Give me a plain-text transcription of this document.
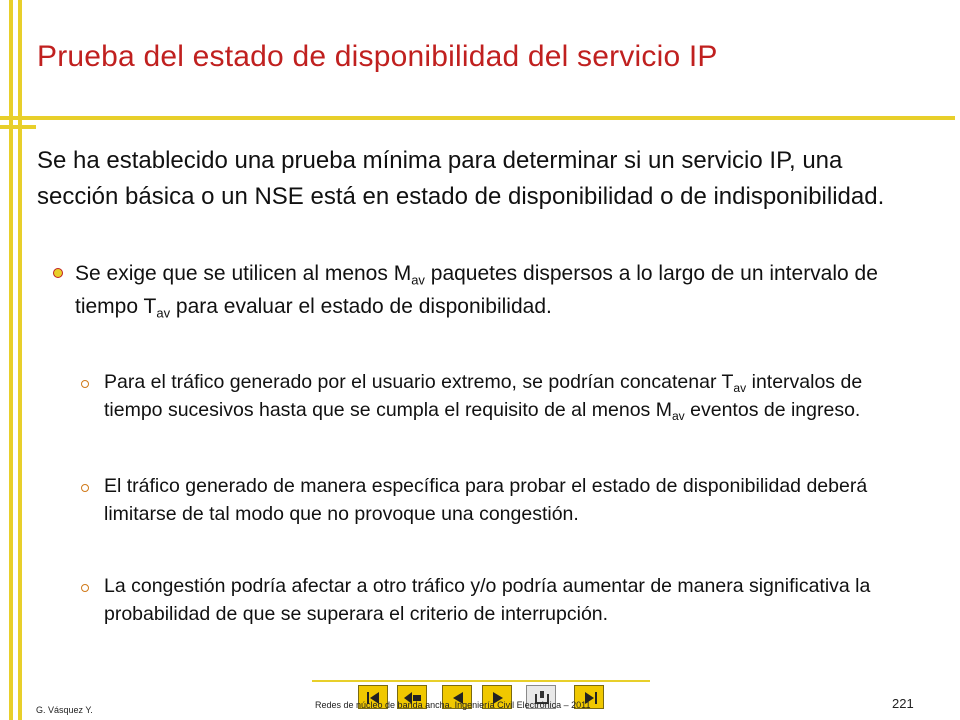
Prueba del estado de disponibilidad del servicio IP
Se ha establecido una prueba mínima para determinar si un servicio IP, una sección básica o un NSE está en estado de disponibilidad o de indisponibilidad.
Se exige que se utilicen al menos $M_{av}$ paquetes dispersos a lo largo de un intervalo de tiempo $T_{av}$ para evaluar el estado de disponibilidad.
Para el tráfico generado por el usuario extremo, se podrían concatenar $T_{av}$ intervalos de tiempo sucesivos hasta que se cumpla el requisito de al menos $M_{av}$ eventos de ingreso.
El tráfico generado de manera específica para probar el estado de disponibilidad deberá limitarse de tal modo que no provoque una congestión.
La congestión podría afectar a otro tráfico y/o podría aumentar de manera significativa la probabilidad de que se superara el criterio de interrupción.
G. Vásquez Y.	Redes de núcleo de banda ancha. Ingeniería Civil Electrónica – 2011	221
